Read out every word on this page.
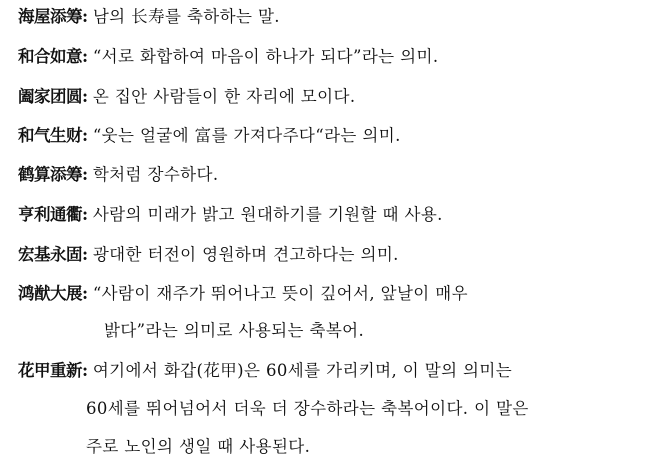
海屋添筹: 남의 长寿를 축하하는 말.
和合如意: “서로 화합하여 마음이 하나가 되다”라는 의미.
阖家团圆: 온 집안 사람들이 한 자리에 모이다.
和气生财: “웃는 얼굴에 富를 가져다주다“라는 의미.
鹤算添筹: 학처럼 장수하다.
亨利通衢: 사람의 미래가 밝고 원대하기를 기원할 때 사용.
宏基永固: 광대한 터전이 영원하며 견고하다는 의미.
鸿猷大展: “사람이 재주가 뛰어나고 뜻이 깊어서, 앞날이 매우
밝다”라는 의미로 사용되는 축복어.
花甲重新: 여기에서 화갑(花甲)은 60세를 가리키며, 이 말의 의미는
60세를 뛰어넘어서 더욱 더 장수하라는 축복어이다. 이 말은
주로 노인의 생일 때 사용된다.
